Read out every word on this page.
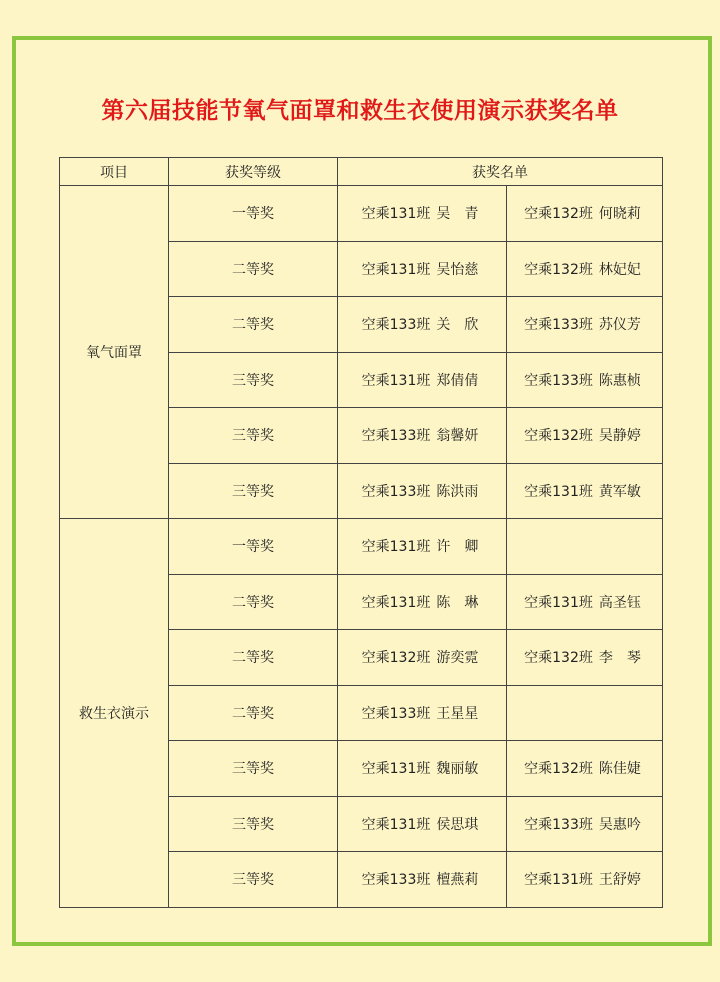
第六届技能节氧气面罩和救生衣使用演示获奖名单
项目	获奖等级	获奖名单	
氧气面罩	一等奖	空乘131班 吴　青	空乘132班 何晓莉
	二等奖	空乘131班 吴怡慈	空乘132班 林妃妃
	二等奖	空乘133班 关　欣	空乘133班 苏仪芳
	三等奖	空乘131班 郑倩倩	空乘133班 陈惠桢
	三等奖	空乘133班 翁馨妍	空乘132班 吴静婷
	三等奖	空乘133班 陈洪雨	空乘131班 黄军敏
救生衣演示	一等奖	空乘131班 许　卿	
	二等奖	空乘131班 陈　琳	空乘131班 高圣钰
	二等奖	空乘132班 游奕霓	空乘132班 李　琴
	二等奖	空乘133班 王星星	
	三等奖	空乘131班 魏丽敏	空乘132班 陈佳婕
	三等奖	空乘131班 侯思琪	空乘133班 吴惠吟
	三等奖	空乘133班 檀燕莉	空乘131班 王舒婷
